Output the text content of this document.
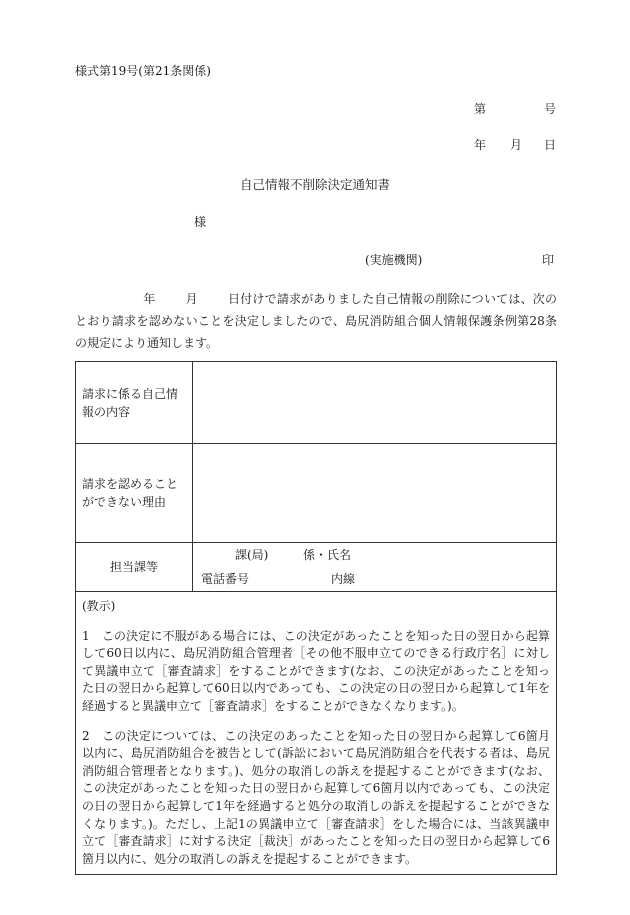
様式第19号(第21条関係)
第	号
年 月 日
自己情報不削除決定通知書
様
(実施機関)	印
年	月	日付けで請求がありました自己情報の削除については、次のとおり請求を認めないことを決定しましたので、島尻消防組合個人情報保護条例第28条の規定により通知します。
請求に係る自己情報の内容	
請求を認めることができない理由	
担当課等	課(局) 係・氏名
電話番号 内線

(教示)

1　この決定に不服がある場合には、この決定があったことを知った日の翌日から起算して60日以内に、島尻消防組合管理者［その他不服申立てのできる行政庁名］に対して異議申立て［審査請求］をすることができます(なお、この決定があったことを知った日の翌日から起算して60日以内であっても、この決定の日の翌日から起算して1年を経過すると異議申立て［審査請求］をすることができなくなります。)。

2　この決定については、この決定のあったことを知った日の翌日から起算して6箇月以内に、島尻消防組合を被告として(訴訟において島尻消防組合を代表する者は、島尻消防組合管理者となります。)、処分の取消しの訴えを提起することができます(なお、この決定があったことを知った日の翌日から起算して6箇月以内であっても、この決定の日の翌日から起算して1年を経過すると処分の取消しの訴えを提起することができなくなります。)。ただし、上記1の異議申立て［審査請求］をした場合には、当該異議申立て［審査請求］に対する決定［裁決］があったことを知った日の翌日から起算して6箇月以内に、処分の取消しの訴えを提起することができます。	
